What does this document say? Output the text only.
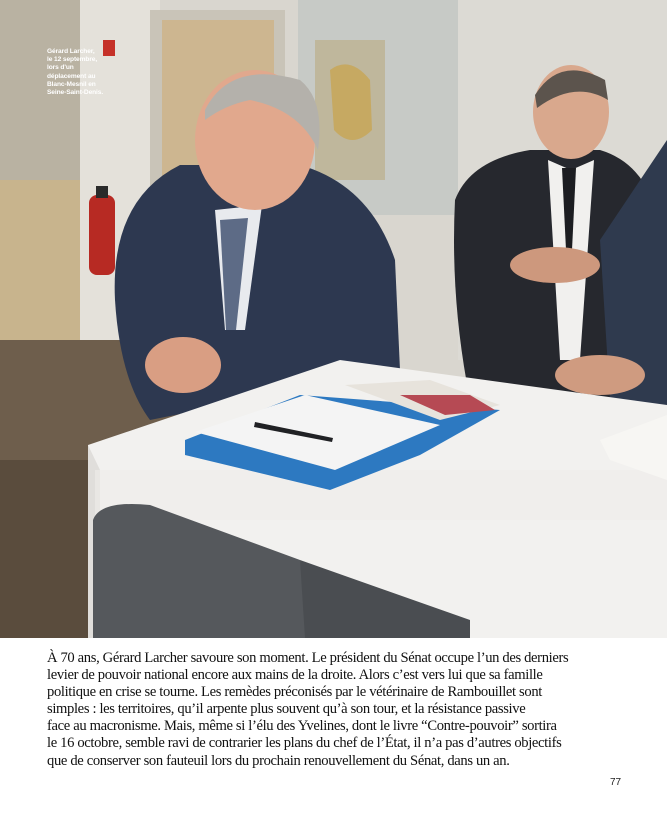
Gérard Larcher,
le 12 septembre,
lors d'un
déplacement au
Blanc-Mesnil en
Seine-Saint-Denis.
À 70 ans, Gérard Larcher savoure son moment. Le président du Sénat occupe l’un des derniers
levier de pouvoir national encore aux mains de la droite. Alors c’est vers lui que sa famille
politique en crise se tourne. Les remèdes préconisés par le vétérinaire de Rambouillet sont
simples : les territoires, qu’il arpente plus souvent qu’à son tour, et la résistance passive
face au macronisme. Mais, même si l’élu des Yvelines, dont le livre “Contre-pouvoir” sortira
le 16 octobre, semble ravi de contrarier les plans du chef de l’État, il n’a pas d’autres objectifs
que de conserver son fauteuil lors du prochain renouvellement du Sénat, dans un an.
77
